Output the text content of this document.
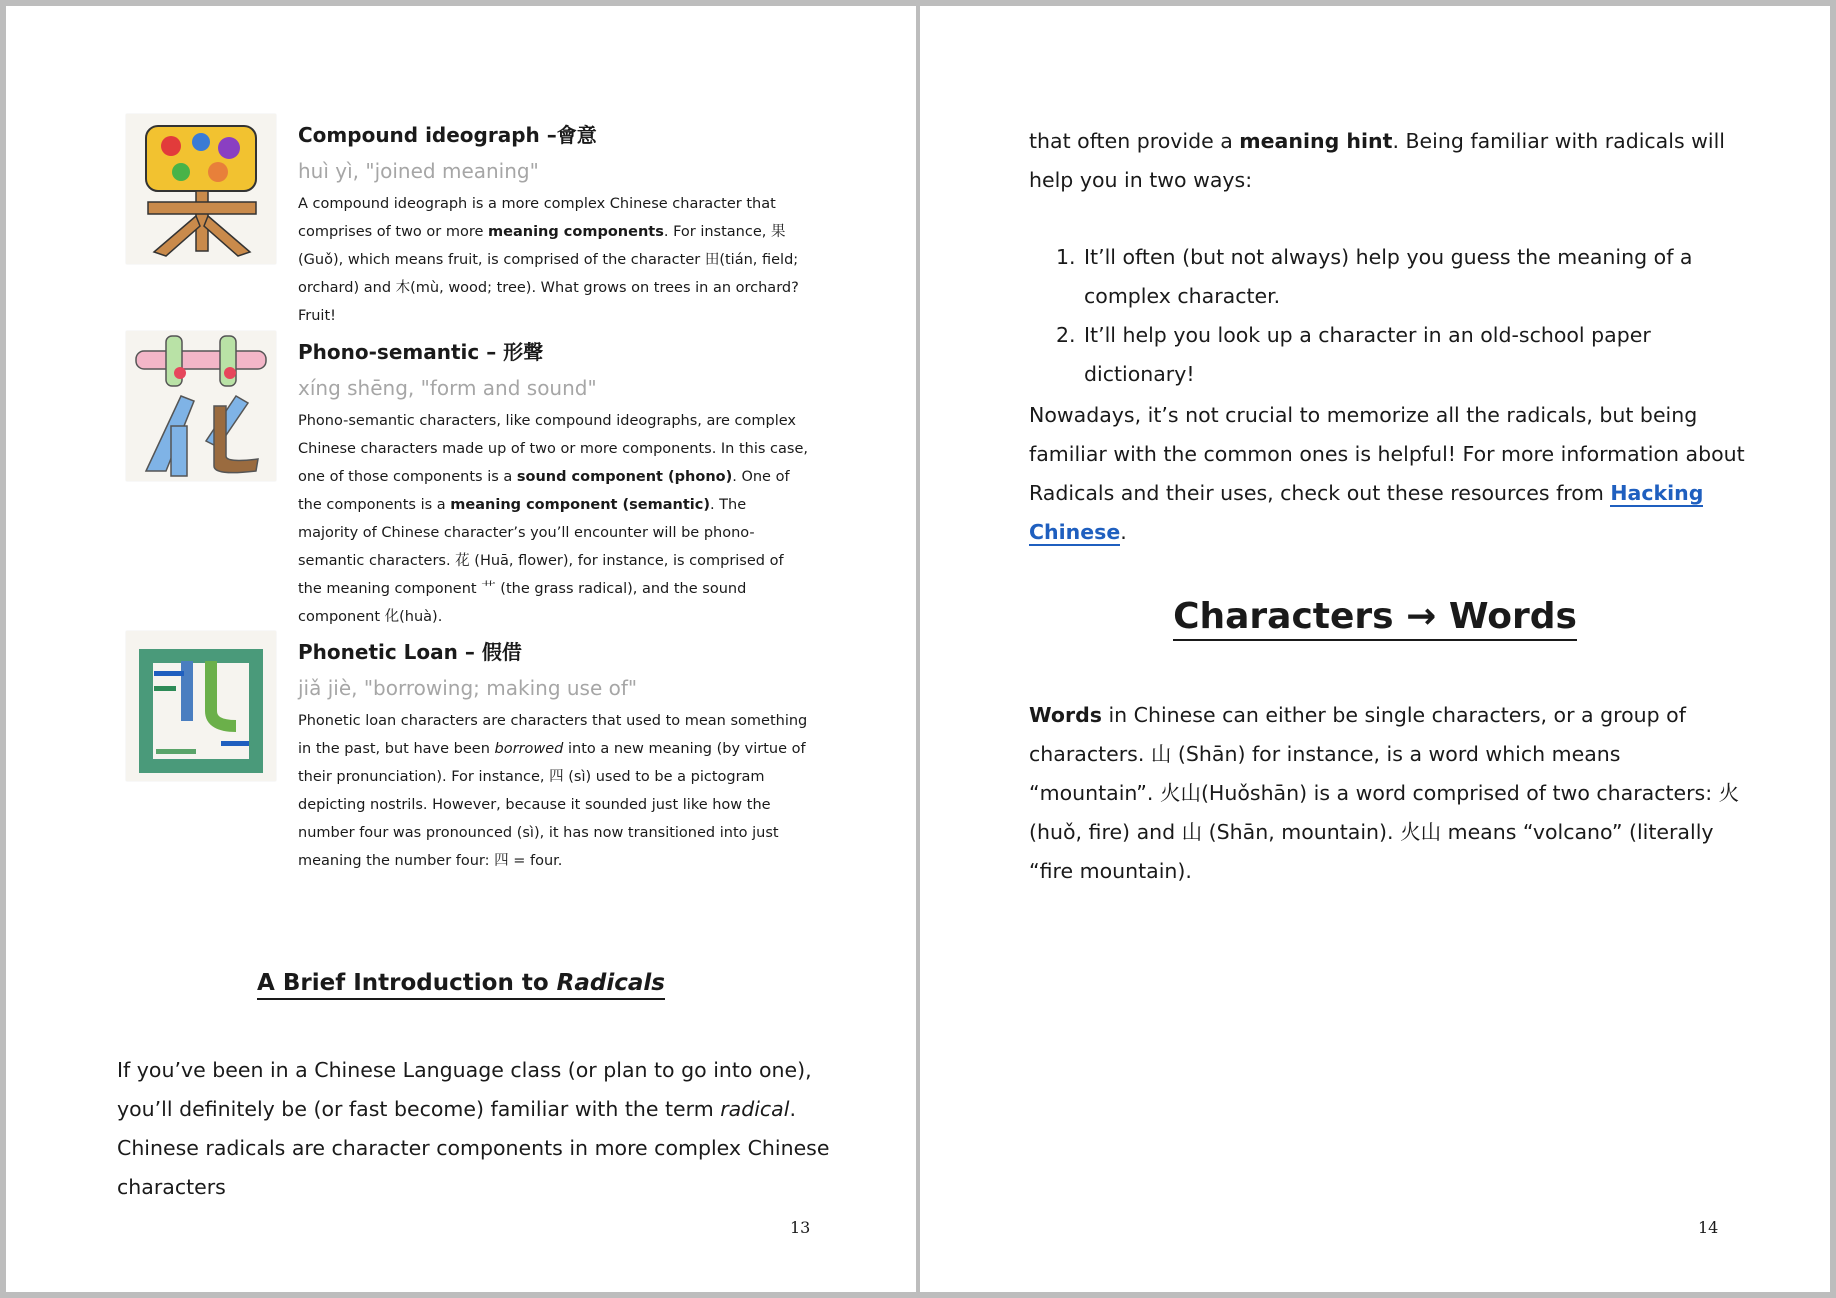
Compound ideograph –會意
huì yì, "joined meaning"

A compound ideograph is a more complex Chinese character that comprises of two or more meaning components. For instance, 果(Guǒ), which means fruit, is comprised of the character 田(tián, field; orchard) and 木(mù, wood; tree). What grows on trees in an orchard? Fruit!

Phono-semantic – 形聲
xíng shēng, "form and sound"

Phono-semantic characters, like compound ideographs, are complex Chinese characters made up of two or more components. In this case, one of those components is a sound component (phono). One of the components is a meaning component (semantic). The majority of Chinese character’s you’ll encounter will be phono-semantic characters. 花 (Huā, flower), for instance, is comprised of the meaning component ⺾ (the grass radical), and the sound component 化(huà).

Phonetic Loan – 假借
jiǎ jiè, "borrowing; making use of"

Phonetic loan characters are characters that used to mean something in the past, but have been borrowed into a new meaning (by virtue of their pronunciation). For instance, 四 (sì) used to be a pictogram depicting nostrils. However, because it sounded just like how the number four was pronounced (sì), it has now transitioned into just meaning the number four: 四 = four.

A Brief Introduction to Radicals

If you’ve been in a Chinese Language class (or plan to go into one), you’ll definitely be (or fast become) familiar with the term radical. Chinese radicals are character components in more complex Chinese characters

13

that often provide a meaning hint. Being familiar with radicals will help you in two ways:

1. It’ll often (but not always) help you guess the meaning of a complex character.
2. It’ll help you look up a character in an old-school paper dictionary!

Nowadays, it’s not crucial to memorize all the radicals, but being familiar with the common ones is helpful! For more information about Radicals and their uses, check out these resources from Hacking Chinese.

Characters → Words

Words in Chinese can either be single characters, or a group of characters. 山 (Shān) for instance, is a word which means “mountain”. 火山(Huǒshān) is a word comprised of two characters: 火(huǒ, fire) and 山 (Shān, mountain). 火山 means “volcano” (literally “fire mountain).

14
